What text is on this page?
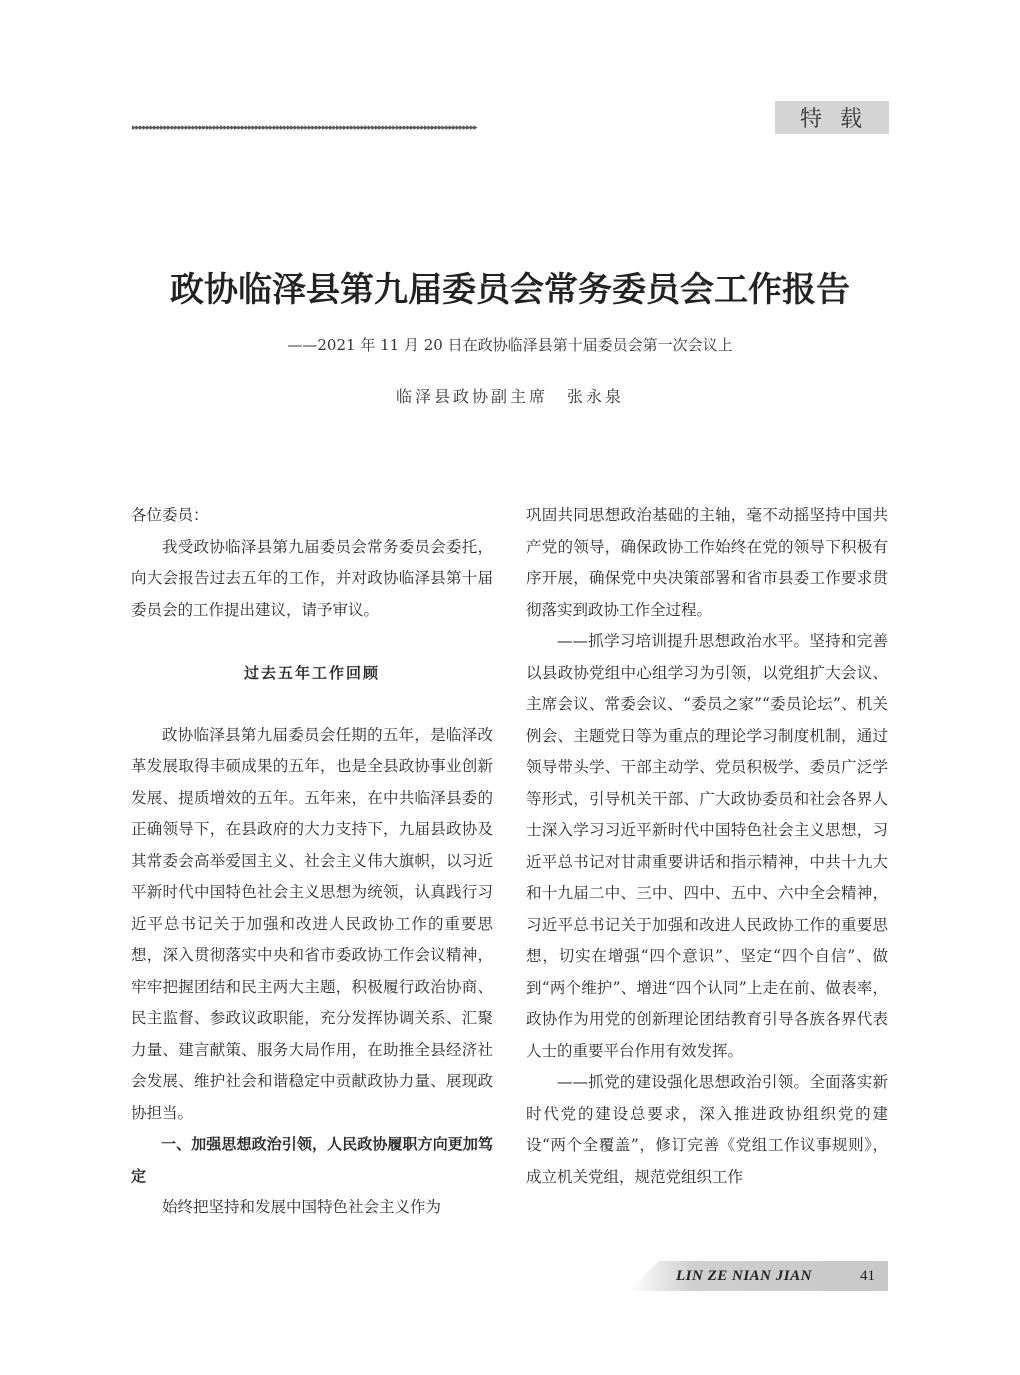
▸▸▸▸▸▸▸▸▸▸▸▸▸▸▸▸▸▸▸▸▸▸▸▸▸▸▸▸▸▸▸▸▸▸▸▸▸▸▸▸▸▸▸▸▸▸▸▸▸▸▸▸▸▸▸▸▸▸▸▸▸▸▸▸▸▸▸▸▸▸▸▸▸▸▸▸▸▸▸▸▸▸▸▸▸▸▸▸▸▸▸▸▸▸▸▸▸▸	特载
政协临泽县第九届委员会常务委员会工作报告
——2021 年 11 月 20 日在政协临泽县第十届委员会第一次会议上
临泽县政协副主席　张永泉

各位委员：

我受政协临泽县第九届委员会常务委员会委托，向大会报告过去五年的工作，并对政协临泽县第十届委员会的工作提出建议，请予审议。

过去五年工作回顾

政协临泽县第九届委员会任期的五年，是临泽改革发展取得丰硕成果的五年，也是全县政协事业创新发展、提质增效的五年。五年来，在中共临泽县委的正确领导下，在县政府的大力支持下，九届县政协及其常委会高举爱国主义、社会主义伟大旗帜，以习近平新时代中国特色社会主义思想为统领，认真践行习近平总书记关于加强和改进人民政协工作的重要思想，深入贯彻落实中央和省市委政协工作会议精神，牢牢把握团结和民主两大主题，积极履行政治协商、民主监督、参政议政职能，充分发挥协调关系、汇聚力量、建言献策、服务大局作用，在助推全县经济社会发展、维护社会和谐稳定中贡献政协力量、展现政协担当。

一、加强思想政治引领，人民政协履职方向更加笃定

始终把坚持和发展中国特色社会主义作为

巩固共同思想政治基础的主轴，毫不动摇坚持中国共产党的领导，确保政协工作始终在党的领导下积极有序开展，确保党中央决策部署和省市县委工作要求贯彻落实到政协工作全过程。

——抓学习培训提升思想政治水平。坚持和完善以县政协党组中心组学习为引领，以党组扩大会议、主席会议、常委会议、“委员之家”“委员论坛”、机关例会、主题党日等为重点的理论学习制度机制，通过领导带头学、干部主动学、党员积极学、委员广泛学等形式，引导机关干部、广大政协委员和社会各界人士深入学习习近平新时代中国特色社会主义思想，习近平总书记对甘肃重要讲话和指示精神，中共十九大和十九届二中、三中、四中、五中、六中全会精神，习近平总书记关于加强和改进人民政协工作的重要思想，切实在增强“四个意识”、坚定“四个自信”、做到“两个维护”、增进“四个认同”上走在前、做表率，政协作为用党的创新理论团结教育引导各族各界代表人士的重要平台作用有效发挥。

——抓党的建设强化思想政治引领。全面落实新时代党的建设总要求，深入推进政协组织党的建设“两个全覆盖”，修订完善《党组工作议事规则》，成立机关党组，规范党组织工作

LIN ZE NIAN JIAN	41
